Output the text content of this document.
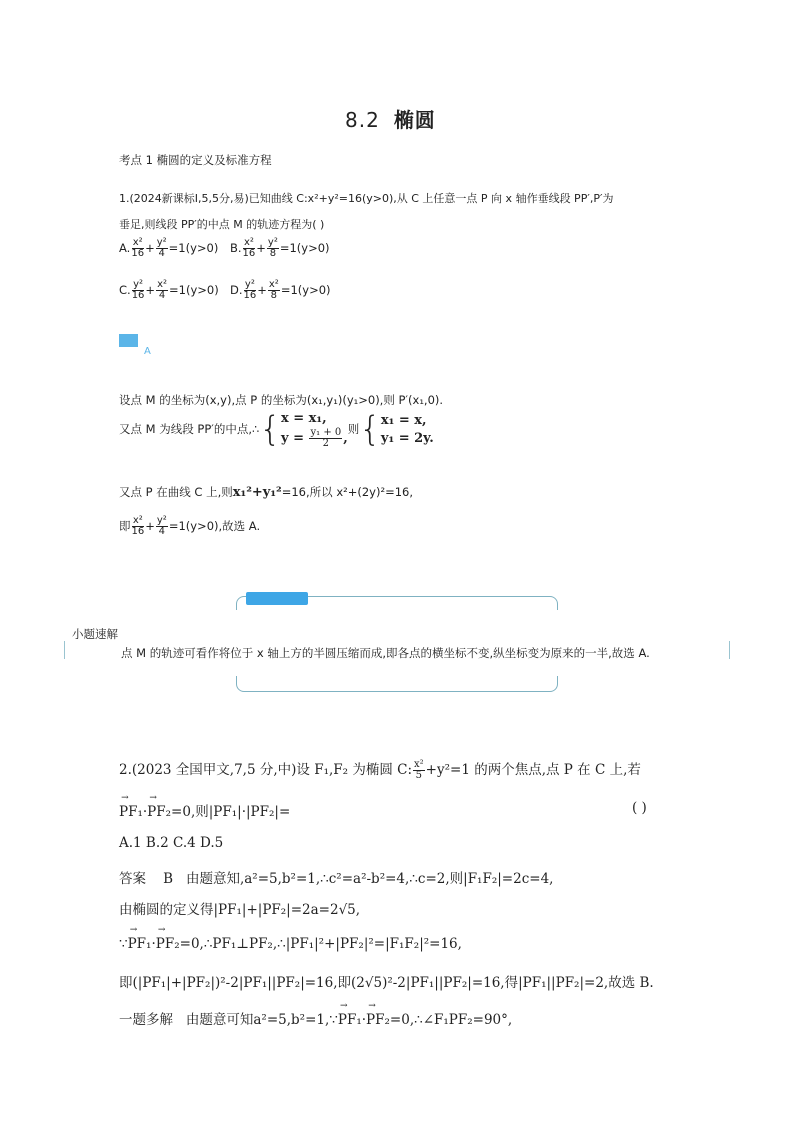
8.2 椭圆
考点 1 椭圆的定义及标准方程
1.(2024新课标Ⅰ,5,5分,易)已知曲线 C:x²+y²=16(y>0),从 C 上任意一点 P 向 x 轴作垂线段 PP′,P′为
垂足,则线段 PP′的中点 M 的轨迹方程为( )
A. $\frac{\text{x²}}{16} + \frac{\text{y²}}{4} =1(y>0)$ B. $\frac{\text{x²}}{16} + \frac{\text{y²}}{8} =1(y>0)$
C. $\frac{\text{y²}}{16} + \frac{\text{x²}}{4} =1(y>0)$ D. $\frac{\text{y²}}{16} + \frac{\text{x²}}{8} =1(y>0)$
A
设点 M 的坐标为(x,y),点 P 的坐标为(x₁,y₁)(y₁>0),则 P′(x₁,0).
又点 M 为线段 PP′的中点,∴{ x = x₁,
$y = \frac{\text{y₁ + 0}}{2}$ ,
则{ x₁ = x,
y₁ = 2y.
又点 P 在曲线 C 上,则x₁²+y₁²=16,所以 x²+(2y)²=16,
即 $\frac{\text{x²}}{16} + \frac{\text{y²}}{4} =1(y>0)$,故选 A.
小题速解
点 M 的轨迹可看作将位于 x 轴上方的半圆压缩而成,即各点的横坐标不变,纵坐标变为原来的一半,故选 A.
2.(2023 全国甲文,7,5 分,中)设 F₁,F₂ 为椭圆 C: $\frac{\text{x²}}{5} +y^2=1$ 的两个焦点,点 P 在 C 上,若
→ PF₁·→ PF₂=0,则|PF₁|·|PF₂|=	( )
A.1 B.2 C.4 D.5
答案 B 由题意知,a²=5,b²=1,∴c²=a²-b²=4,∴c=2,则|F₁F₂|=2c=4,
由椭圆的定义得|PF₁|+|PF₂|=2a=2√5,
∵→ PF₁·→ PF₂=0,∴PF₁⊥PF₂,∴|PF₁|²+|PF₂|²=|F₁F₂|²=16,
即(|PF₁|+|PF₂|)²-2|PF₁||PF₂|=16,即(2√5)²-2|PF₁||PF₂|=16,得|PF₁||PF₂|=2,故选 B.
一题多解 由题意可知a²=5,b²=1,∵→ PF₁·→ PF₂=0,∴∠F₁PF₂=90°,
